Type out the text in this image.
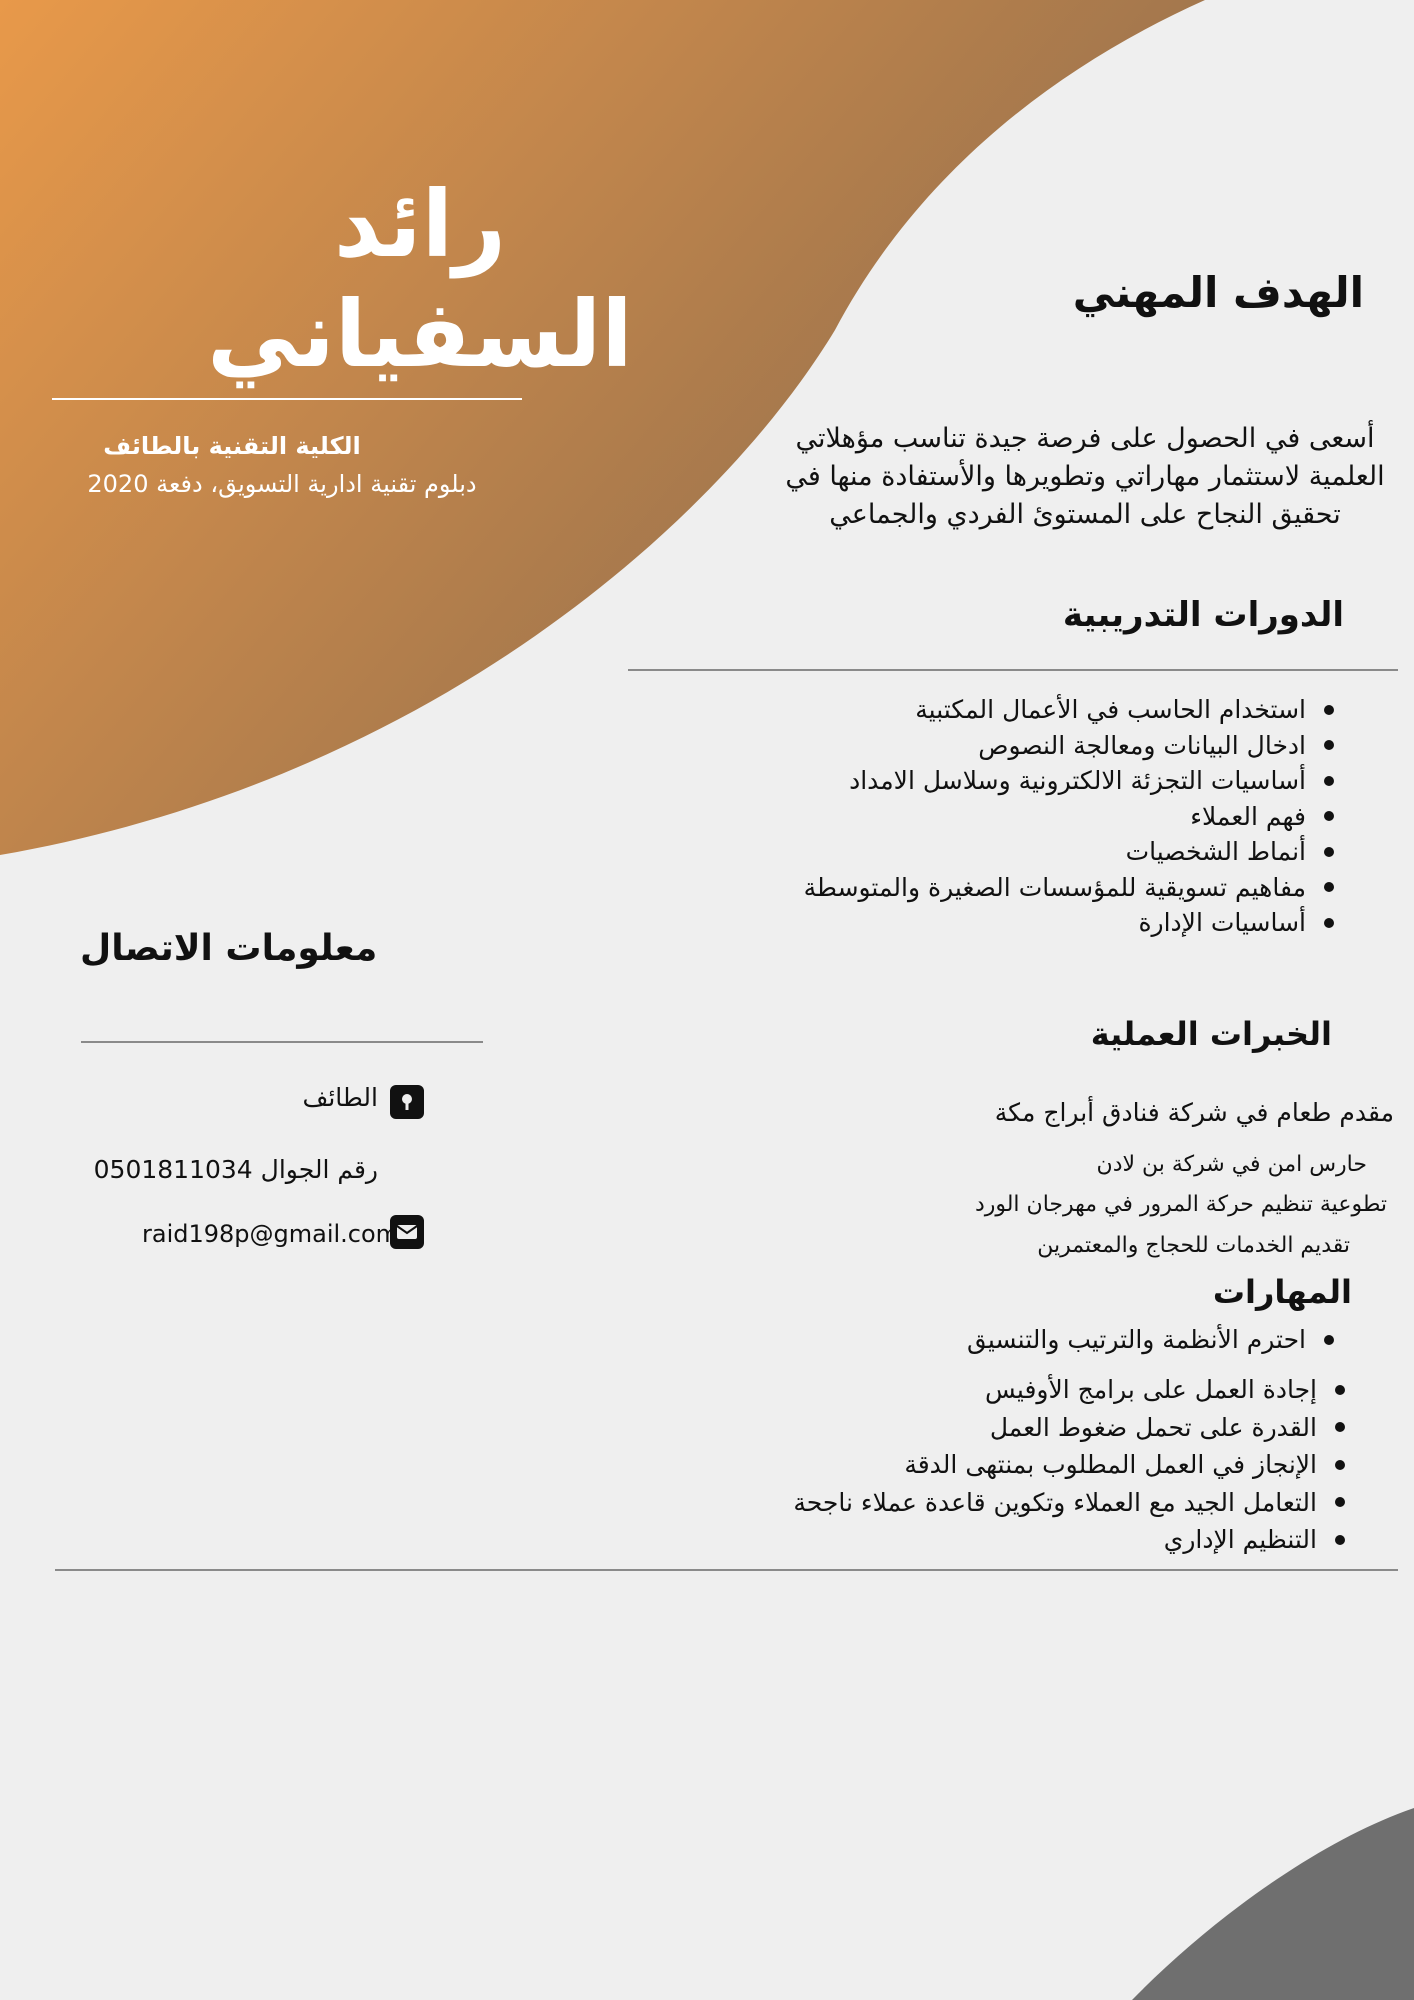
رائد السفياني
الكلية التقنية بالطائف
دبلوم تقنية ادارية التسويق، دفعة 2020
الهدف المهني
أسعى في الحصول على فرصة جيدة تناسب مؤهلاتي العلمية لاستثمار مهاراتي وتطويرها والأستفادة منها في تحقيق النجاح على المستوئ الفردي والجماعي
الدورات التدريبية
استخدام الحاسب في الأعمال المكتبية
ادخال البيانات ومعالجة النصوص
أساسيات التجزئة الالكترونية وسلاسل الامداد
فهم العملاء
أنماط الشخصيات
مفاهيم تسويقية للمؤسسات الصغيرة والمتوسطة
أساسيات الإدارة
الخبرات العملية
مقدم طعام في شركة فنادق أبراج مكة
حارس امن في شركة بن لادن
تطوعية تنظيم حركة المرور في مهرجان الورد
تقديم الخدمات للحجاج والمعتمرين
المهارات
احترم الأنظمة والترتيب والتنسيق
إجادة العمل على برامج الأوفيس
القدرة على تحمل ضغوط العمل
الإنجاز في العمل المطلوب بمنتهى الدقة
التعامل الجيد مع العملاء وتكوين قاعدة عملاء ناجحة
التنظيم الإداري
معلومات الاتصال
الطائف
رقم الجوال 0501811034
raid198p@gmail.com
